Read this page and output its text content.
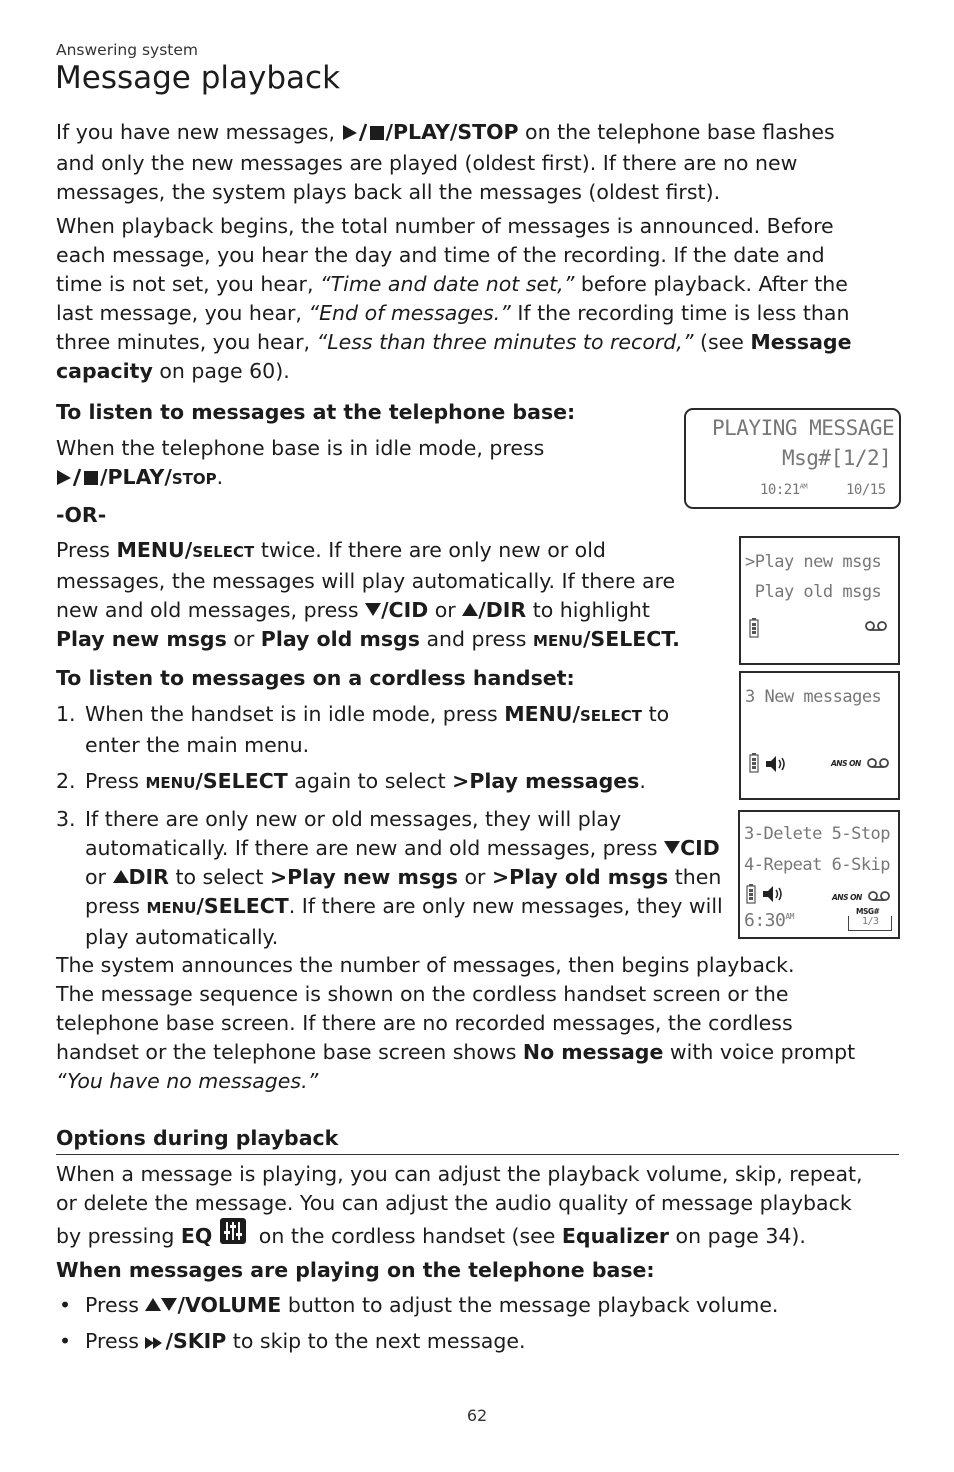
Answering system
Message playback
If you have new messages, /PLAY/STOP on the telephone base flashes
and only the new messages are played (oldest first). If there are no new
messages, the system plays back all the messages (oldest first).
When playback begins, the total number of messages is announced. Before
each message, you hear the day and time of the recording. If the date and
time is not set, you hear, “Time and date not set,” before playback. After the
last message, you hear, “End of messages.” If the recording time is less than
three minutes, you hear, “Less than three minutes to record,” (see Message
capacity on page 60).
To listen to messages at the telephone base:
When the telephone base is in idle mode, press
/PLAY/STOP.
-OR-
Press MENU/SELECT twice. If there are only new or old
messages, the messages will play automatically. If there are
new and old messages, press /CID or /DIR to highlight
Play new msgs or Play old msgs and press MENU/SELECT.
To listen to messages on a cordless handset:
1. When the handset is in idle mode, press MENU/SELECT to
enter the main menu.
2. Press MENU/SELECT again to select >Play messages.
3. If there are only new or old messages, they will play
automatically. If there are new and old messages, press CID
or DIR to select >Play new msgs or >Play old msgs then
press MENU/SELECT. If there are only new messages, they will
play automatically.
The system announces the number of messages, then begins playback.
The message sequence is shown on the cordless handset screen or the
telephone base screen. If there are no recorded messages, the cordless
handset or the telephone base screen shows No message with voice prompt
“You have no messages.”
Options during playback
When a message is playing, you can adjust the playback volume, skip, repeat,
or delete the message. You can adjust the audio quality of message playback
by pressing EQ on the cordless handset (see Equalizer on page 34).
When messages are playing on the telephone base:
• Press /VOLUME button to adjust the message playback volume.
• Press /SKIP to skip to the next message.
PLAYING MESSAGE
Msg#[1/2]
$10:21^{AM}$	10/15
>Play new msgs
Play old msgs
3 New messages
ANS ON
3-Delete 5-Stop
4-Repeat 6-Skip
ANS ON
$6:30^{AM}$
MSG#
1/3
62
